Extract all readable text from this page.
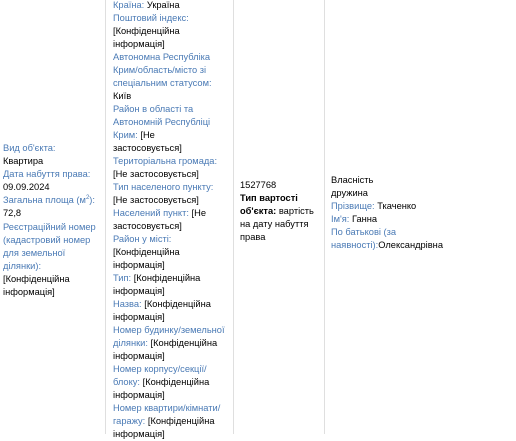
Вид об'єкта:
Квартира
Дата набуття права:
09.09.2024
Загальна площа $(м^2)$: 72,8
Реєстраційний номер (кадастровий номер для земельної ділянки):
[Конфіденційна інформація]
Країна: Україна
Поштовий індекс:
[Конфіденційна інформація]
Автономна Республіка Крим/область/місто зі спеціальним статусом:
Київ
Район в області та Автономній Республіці Крим: [Не застосовується]
Територіальна громада:
[Не застосовується]
Тип населеного пункту:
[Не застосовується]
Населений пункт: [Не застосовується]
Район у місті:
[Конфіденційна інформація]
Тип: [Конфіденційна інформація]
Назва: [Конфіденційна інформація]
Номер будинку/земельної ділянки: [Конфіденційна інформація]
Номер корпусу/секції/блоку: [Конфіденційна інформація]
Номер квартири/кімнати/гаражу: [Конфіденційна інформація]
1527768
Тип вартості об'єкта: вартість на дату набуття права
Власність
дружина
Прізвище: Ткаченко
Ім'я: Ганна
По батькові (за наявності):Олександрівна
